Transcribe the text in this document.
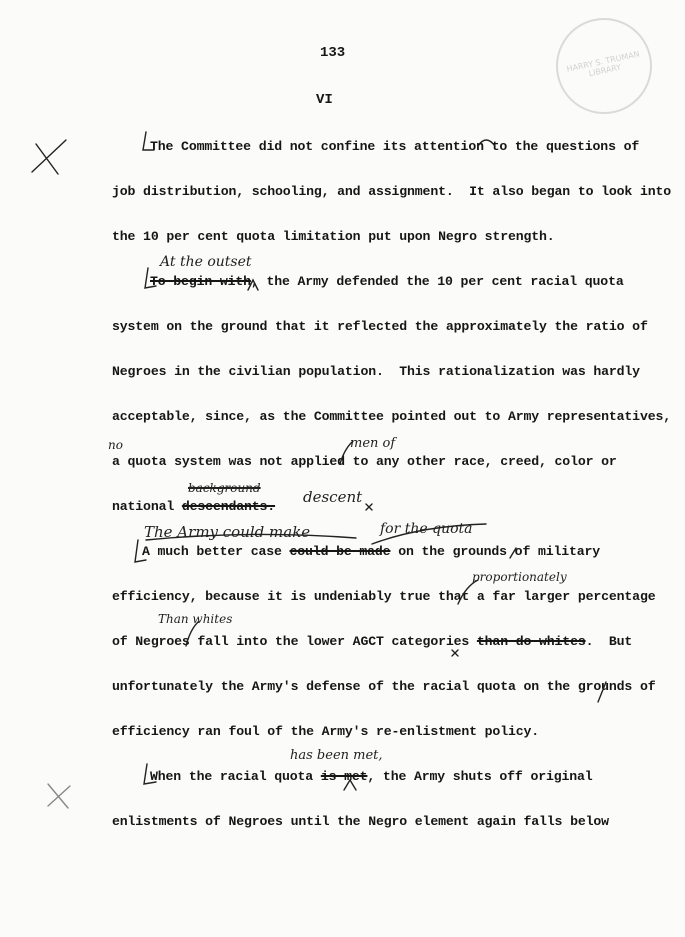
HARRY S. TRUMAN LIBRARY
133
VI
The Committee did not confine its attention to the questions of
job distribution, schooling, and assignment.  It also began to look into
the 10 per cent quota limitation put upon Negro strength.
At the outset
To begin with, the Army defended the 10 per cent racial quota
system on the ground that it reflected the approximately the ratio of
Negroes in the civilian population.  This rationalization was hardly
acceptable, since, as the Committee pointed out to Army representatives,
no	men of
a quota system was not applied to any other race, creed, color or
background	descent
national descendants.
The Army could make	for the quota
A much better case could be made on the grounds of military
proportionately
efficiency, because it is undeniably true that a far larger percentage
Than whites
of Negroes fall into the lower AGCT categories than do whites.  But
unfortunately the Army's defense of the racial quota on the grounds of
efficiency ran foul of the Army's re-enlistment policy.
has been met,
When the racial quota is met, the Army shuts off original
enlistments of Negroes until the Negro element again falls below
